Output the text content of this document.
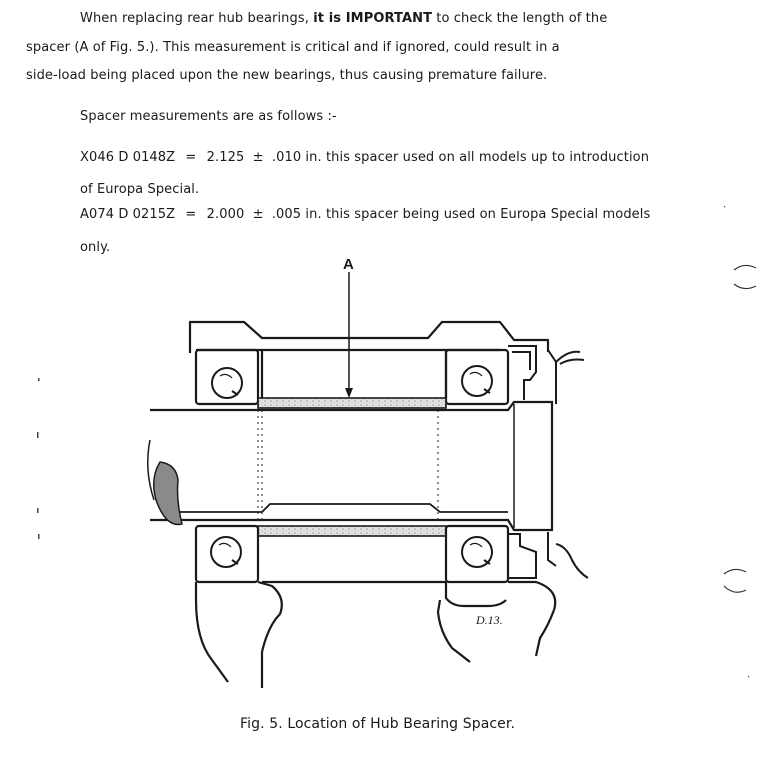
When replacing rear hub bearings, it is IMPORTANT to check the length of the
spacer (A of Fig. 5.). This measurement is critical and if ignored, could result in a
side-load being placed upon the new bearings, thus causing premature failure.
Spacer measurements are as follows :-
X046 D 0148Z = 2.125 ± .010 in. this spacer used on all models up to introduction
of Europa Special.
A074 D 0215Z = 2.000 ± .005 in. this spacer being used on Europa Special models
only.
A
D.13.
Fig. 5. Location of Hub Bearing Spacer.
